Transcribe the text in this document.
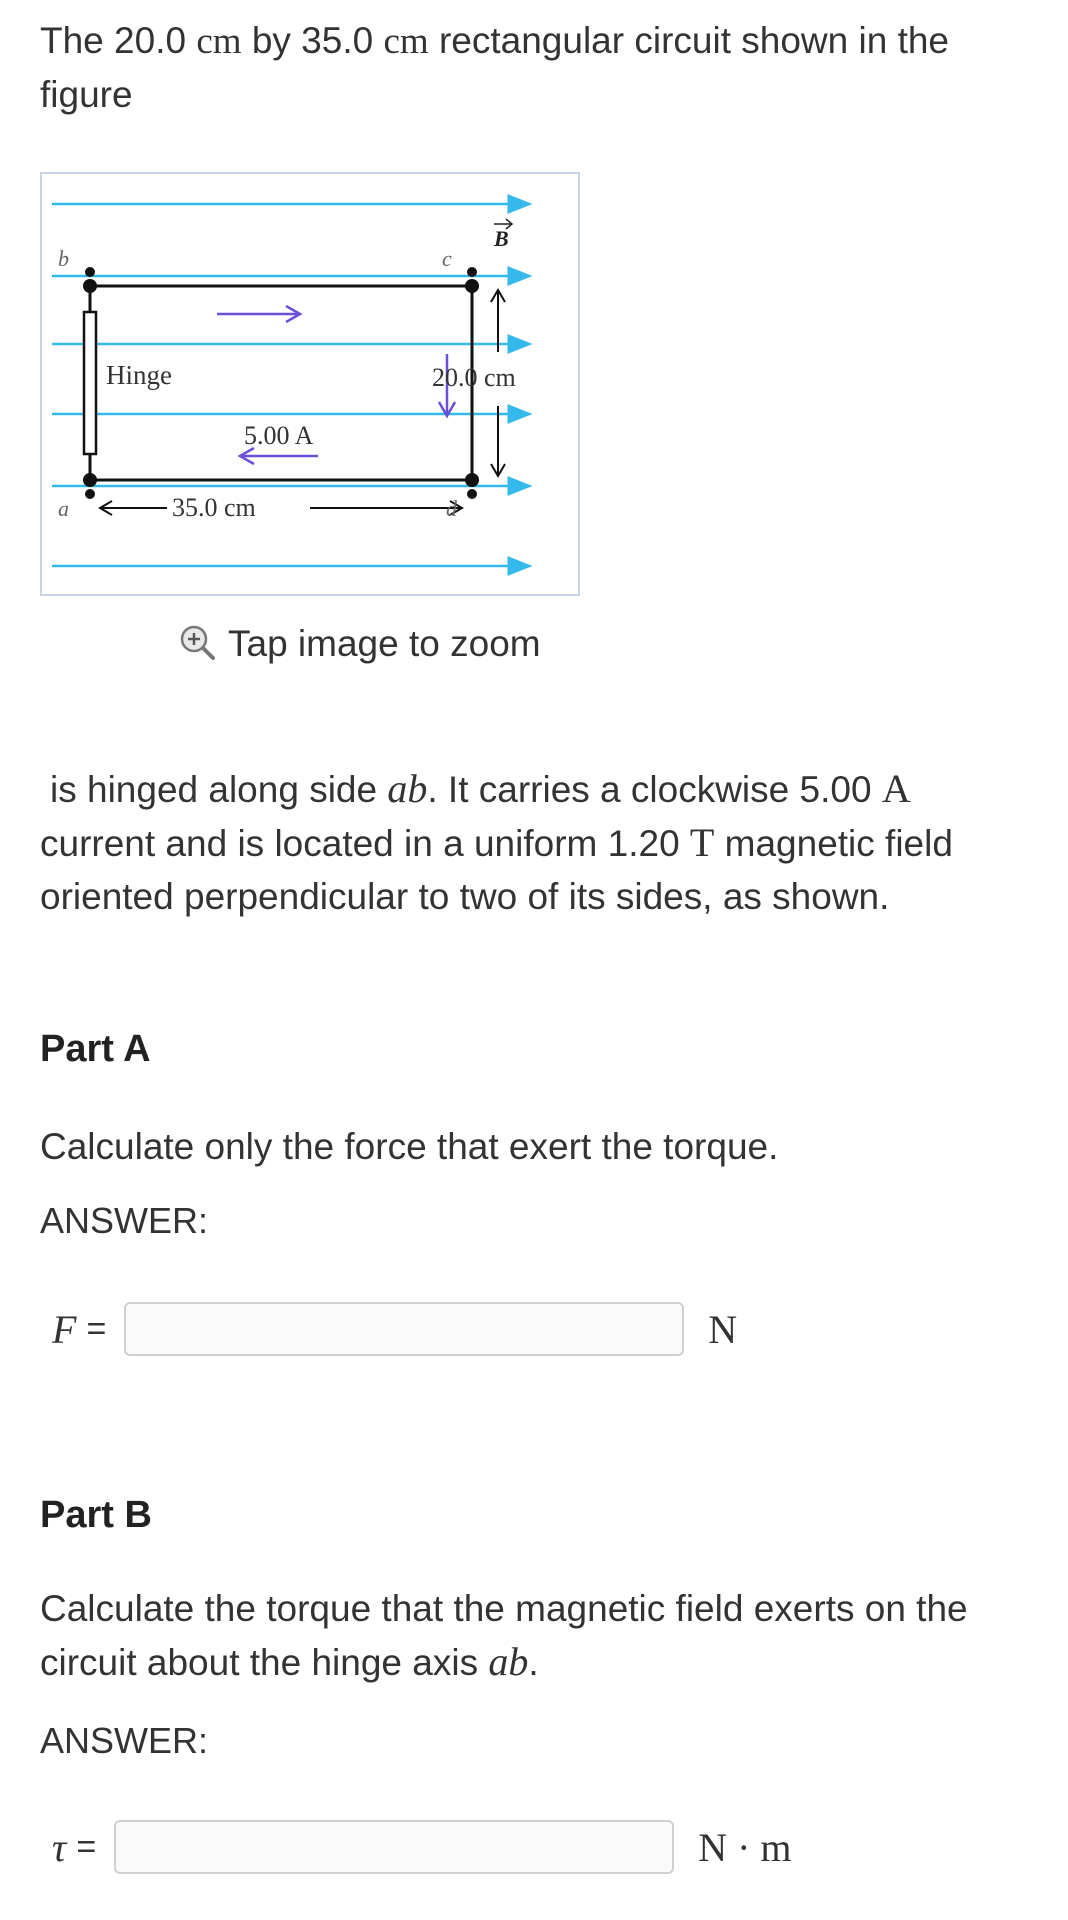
The 20.0 cm by 35.0 cm rectangular circuit shown in the figure
b	c
a	d
B
Hinge
5.00 A
20.0 cm
35.0 cm
Tap image to zoom
is hinged along side ab. It carries a clockwise 5.00 A current and is located in a uniform 1.20 T magnetic field oriented perpendicular to two of its sides, as shown.
Part A
Calculate only the force that exert the torque.
ANSWER:
F =	N
Part B
Calculate the torque that the magnetic field exerts on the circuit about the hinge axis ab.
ANSWER:
τ =	N · m
